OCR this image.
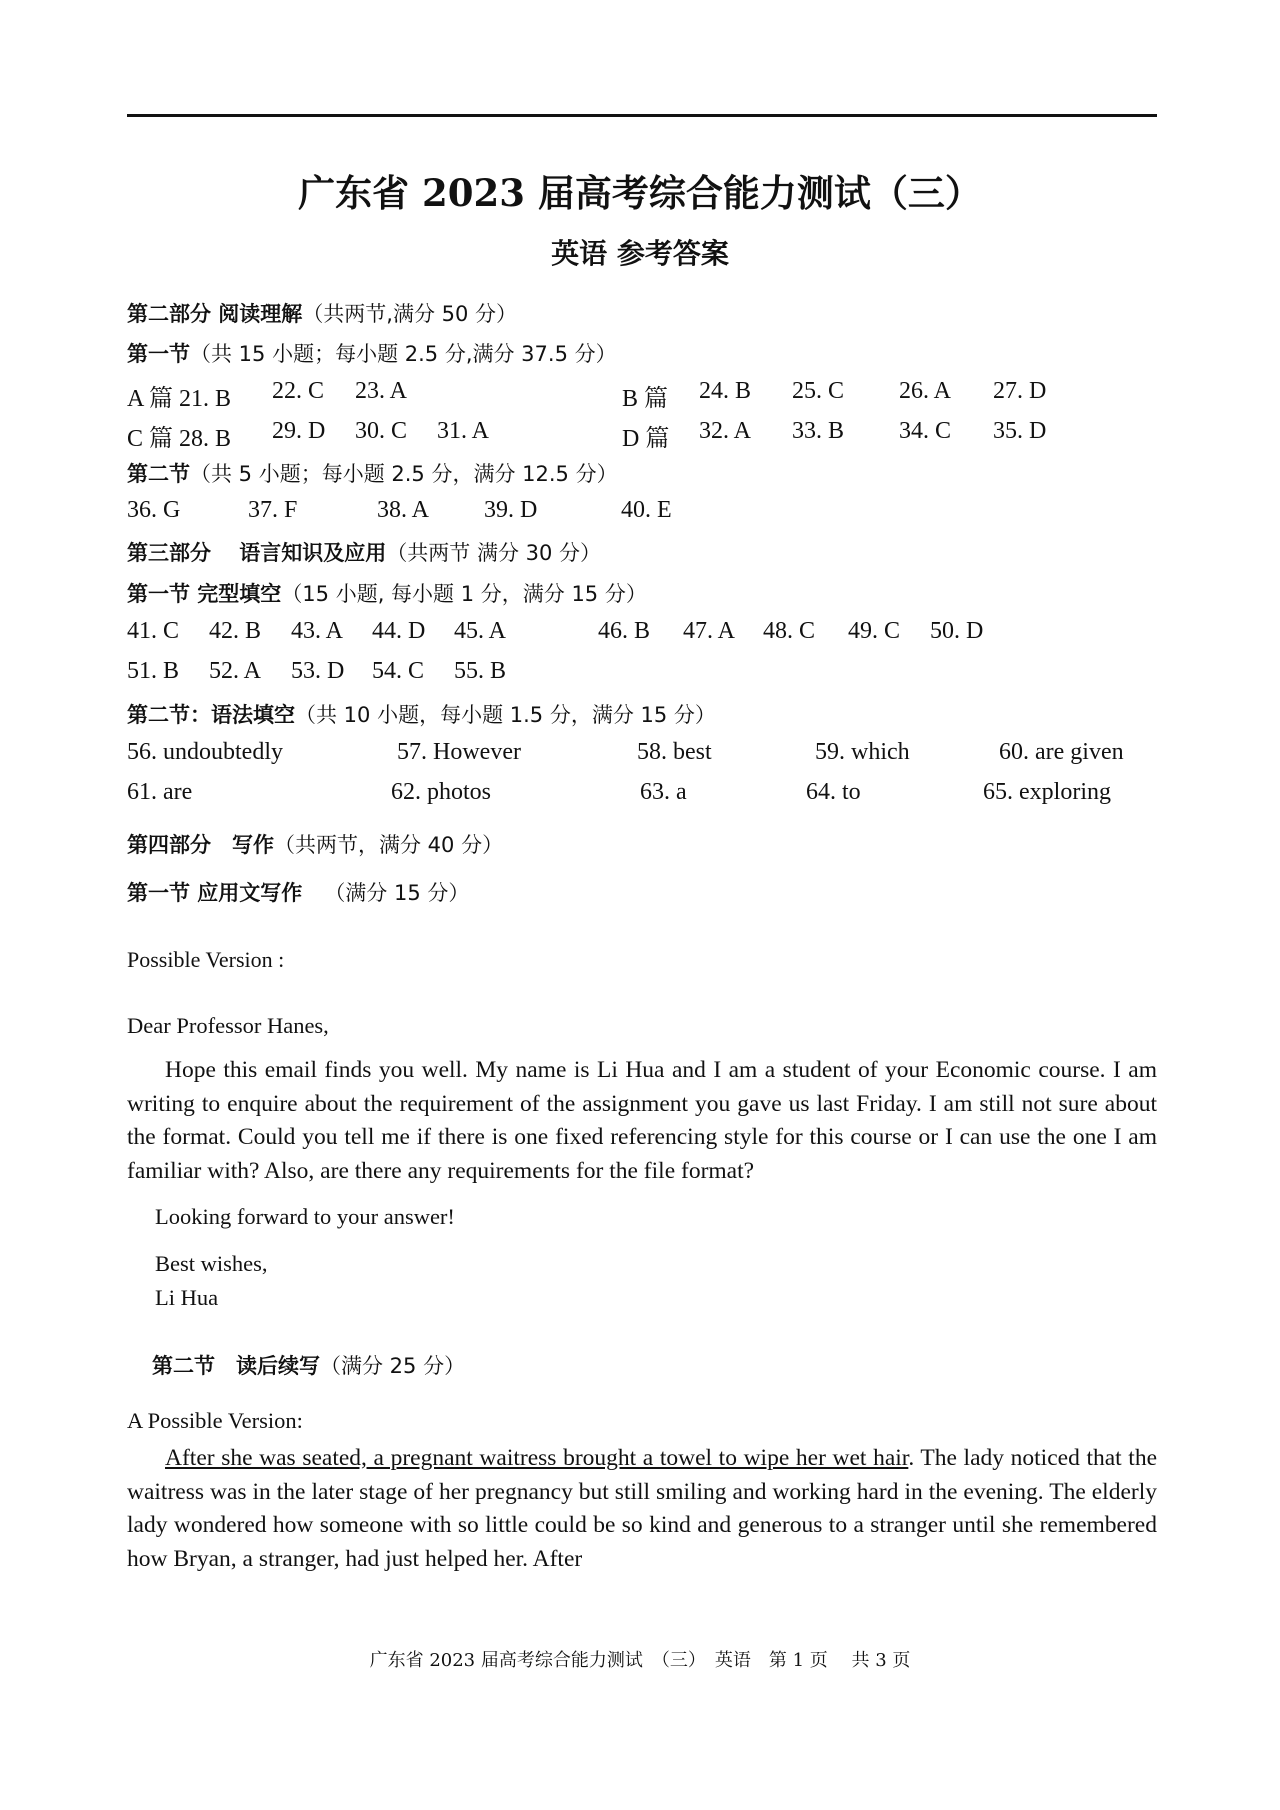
广东省 2023 届高考综合能力测试（三）
英语 参考答案
第二部分 阅读理解（共两节,满分 50 分）
第一节（共 15 小题；每小题 2.5 分,满分 37.5 分）
A 篇 21. B 22. C 23. A	B 篇 24. B 25. C 26. A 27. D
C 篇 28. B 29. D 30. C 31. A	D 篇 32. A 33. B 34. C 35. D
第二节（共 5 小题；每小题 2.5 分，满分 12.5 分）
36. G	37. F	38. A 39. D	40. E
第三部分　 语言知识及应用（共两节 满分 30 分）
第一节 完型填空（15 小题, 每小题 1 分，满分 15 分）
41. C 42. B 43. A 44. D 45. A	46. B 47. A 48. C 49. C 50. D
51. B 52. A 53. D 54. C 55. B
第二节：语法填空（共 10 小题，每小题 1.5 分，满分 15 分）
56. undoubtedly	57. However	58. best	59. which	60. are given
61. are	62. photos	63. a	64. to	65. exploring
第四部分　写作（共两节，满分 40 分）
第一节 应用文写作 （满分 15 分）
Possible Version :
Dear Professor Hanes,

Hope this email finds you well. My name is Li Hua and I am a student of your Economic course. I am writing to enquire about the requirement of the assignment you gave us last Friday. I am still not sure about the format. Could you tell me if there is one fixed referencing style for this course or I can use the one I am familiar with? Also, are there any requirements for the file format?

Looking forward to your answer!
Best wishes,
Li Hua
第二节　读后续写（满分 25 分）
A Possible Version:

After she was seated, a pregnant waitress brought a towel to wipe her wet hair. The lady noticed that the waitress was in the later stage of her pregnancy but still smiling and working hard in the evening. The elderly lady wondered how someone with so little could be so kind and generous to a stranger until she remembered how Bryan, a stranger, had just helped her. After

广东省 2023 届高考综合能力测试　（三）　英语　第 1 页　 共 3 页
